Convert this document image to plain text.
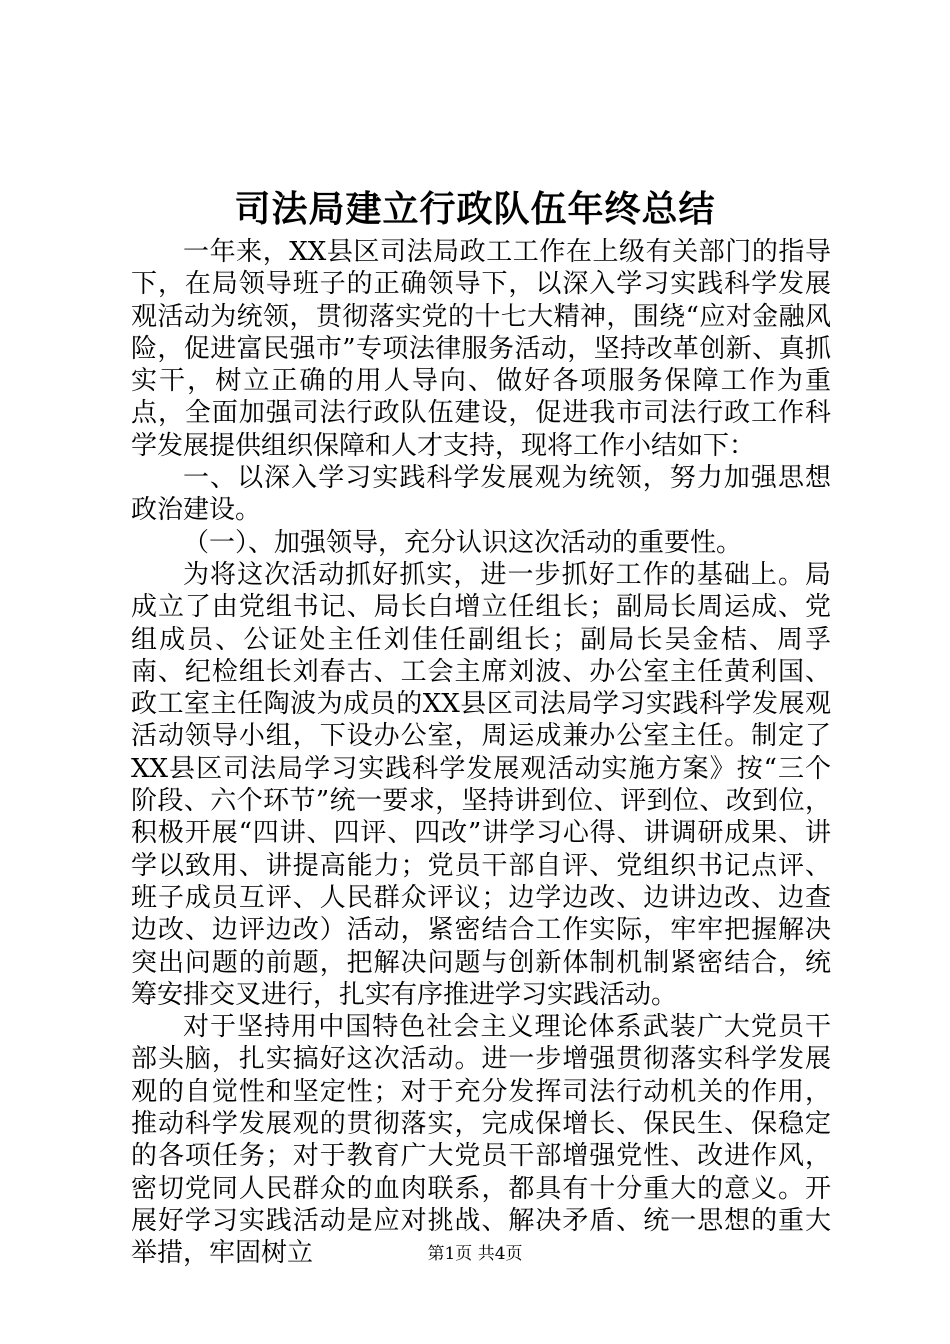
司法局建立行政队伍年终总结

一年来，XX县区司法局政工工作在上级有关部门的指导下，在局领导班子的正确领导下，以深入学习实践科学发展观活动为统领，贯彻落实党的十七大精神，围绕“应对金融风险，促进富民强市”专项法律服务活动，坚持改革创新、真抓实干，树立正确的用人导向、做好各项服务保障工作为重点，全面加强司法行政队伍建设，促进我市司法行政工作科学发展提供组织保障和人才支持，现将工作小结如下：

一、以深入学习实践科学发展观为统领，努力加强思想政治建设。

（一）、加强领导，充分认识这次活动的重要性。

为将这次活动抓好抓实，进一步抓好工作的基础上。局成立了由党组书记、局长白增立任组长；副局长周运成、党组成员、公证处主任刘佳任副组长；副局长吴金桔、周孚南、纪检组长刘春古、工会主席刘波、办公室主任黄利国、政工室主任陶波为成员的XX县区司法局学习实践科学发展观活动领导小组，下设办公室，周运成兼办公室主任。制定了XX县区司法局学习实践科学发展观活动实施方案》按“三个阶段、六个环节”统一要求，坚持讲到位、评到位、改到位，积极开展“四讲、四评、四改”讲学习心得、讲调研成果、讲学以致用、讲提高能力；党员干部自评、党组织书记点评、班子成员互评、人民群众评议；边学边改、边讲边改、边查边改、边评边改）活动，紧密结合工作实际，牢牢把握解决突出问题的前题，把解决问题与创新体制机制紧密结合，统筹安排交叉进行，扎实有序推进学习实践活动。

对于坚持用中国特色社会主义理论体系武装广大党员干部头脑，扎实搞好这次活动。进一步增强贯彻落实科学发展观的自觉性和坚定性；对于充分发挥司法行动机关的作用，推动科学发展观的贯彻落实，完成保增长、保民生、保稳定的各项任务；对于教育广大党员干部增强党性、改进作风，密切党同人民群众的血肉联系，都具有十分重大的意义。开展好学习实践活动是应对挑战、解决矛盾、统一思想的重大举措，牢固树立	第1页 共4页
